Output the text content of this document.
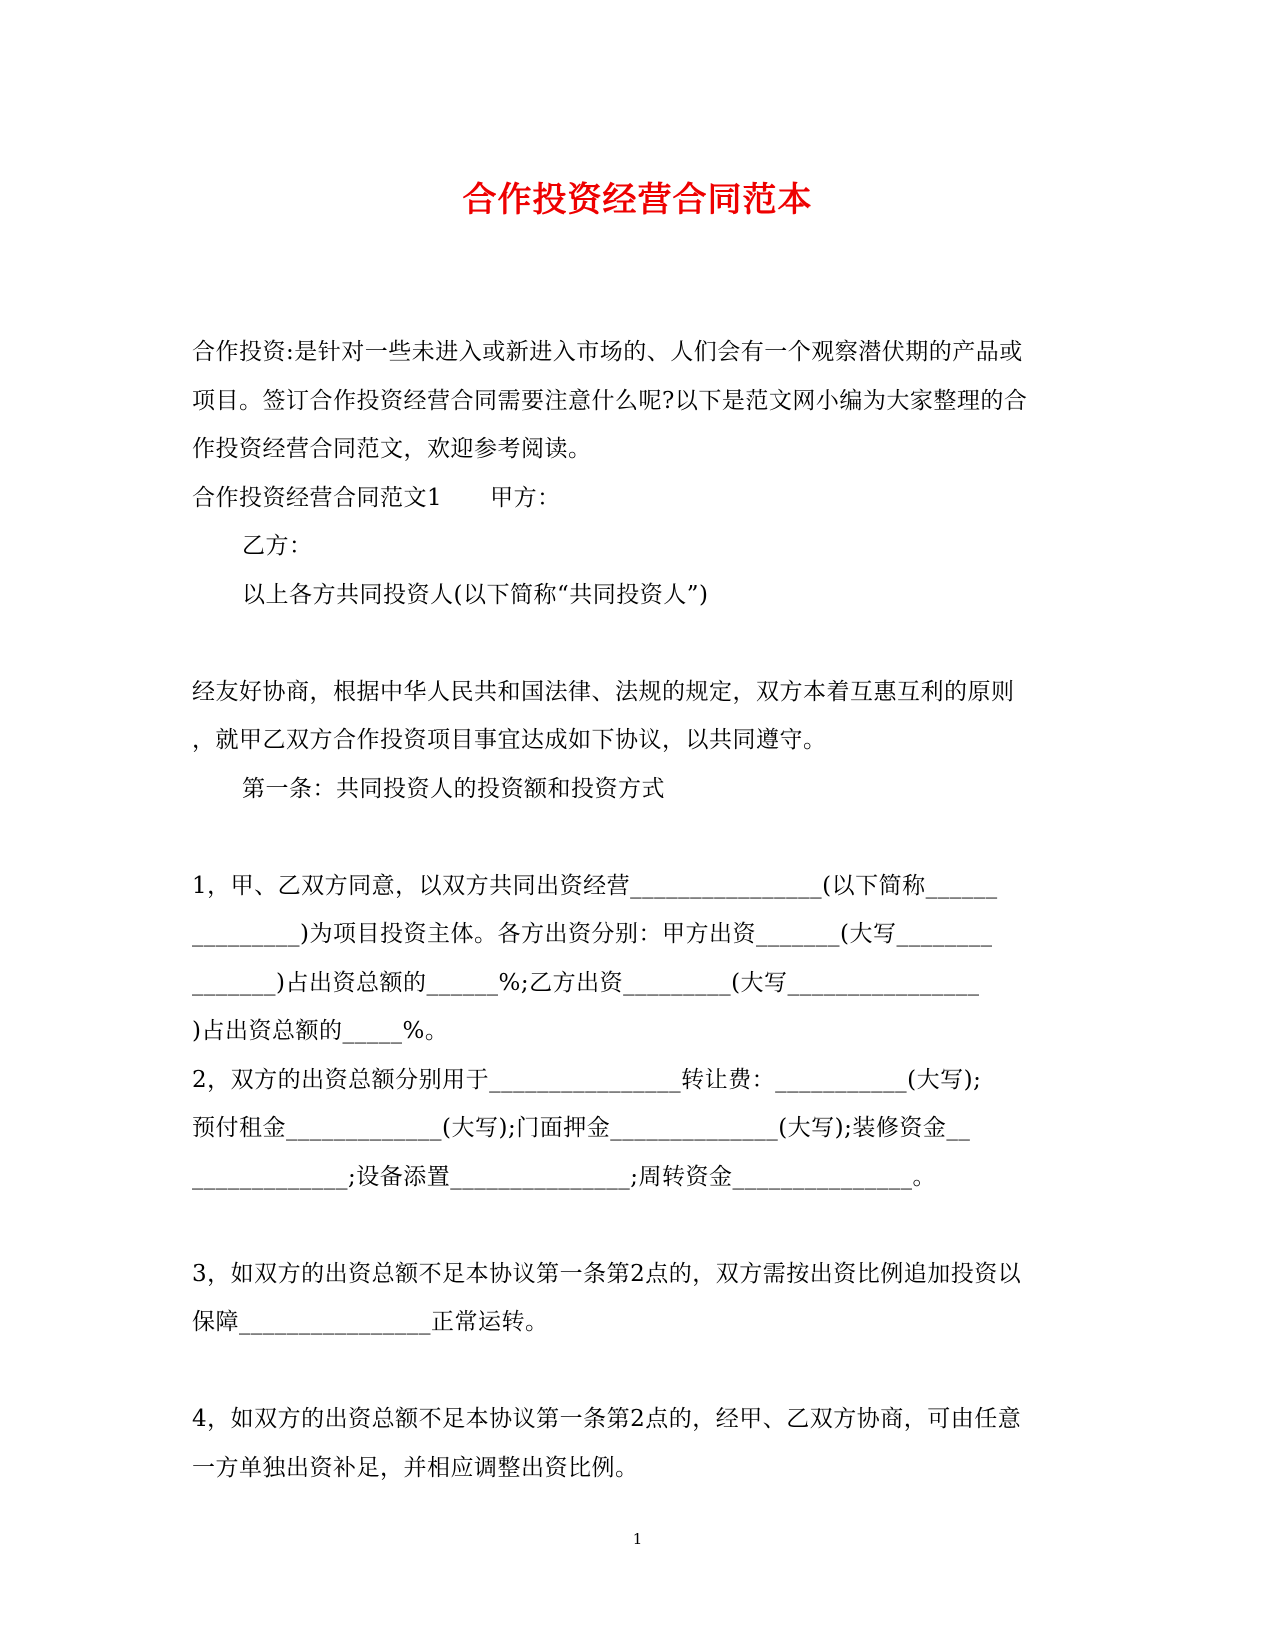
合作投资经营合同范本
合作投资:是针对一些未进入或新进入市场的、人们会有一个观察潜伏期的产品或
项目。签订合作投资经营合同需要注意什么呢?以下是范文网小编为大家整理的合
作投资经营合同范文，欢迎参考阅读。
合作投资经营合同范文1 甲方：
乙方：
以上各方共同投资人(以下简称“共同投资人”)
经友好协商，根据中华人民共和国法律、法规的规定，双方本着互惠互利的原则
，就甲乙双方合作投资项目事宜达成如下协议，以共同遵守。
第一条：共同投资人的投资额和投资方式
1，甲、乙双方同意，以双方共同出资经营________________(以下简称______
_________)为项目投资主体。各方出资分别：甲方出资_______(大写________
_______)占出资总额的______%;乙方出资_________(大写________________
)占出资总额的_____%。
2，双方的出资总额分别用于________________转让费：___________(大写);
预付租金_____________(大写);门面押金______________(大写);装修资金__
_____________;设备添置_______________;周转资金_______________。
3，如双方的出资总额不足本协议第一条第2点的，双方需按出资比例追加投资以
保障________________正常运转。
4，如双方的出资总额不足本协议第一条第2点的，经甲、乙双方协商，可由任意
一方单独出资补足，并相应调整出资比例。
1
